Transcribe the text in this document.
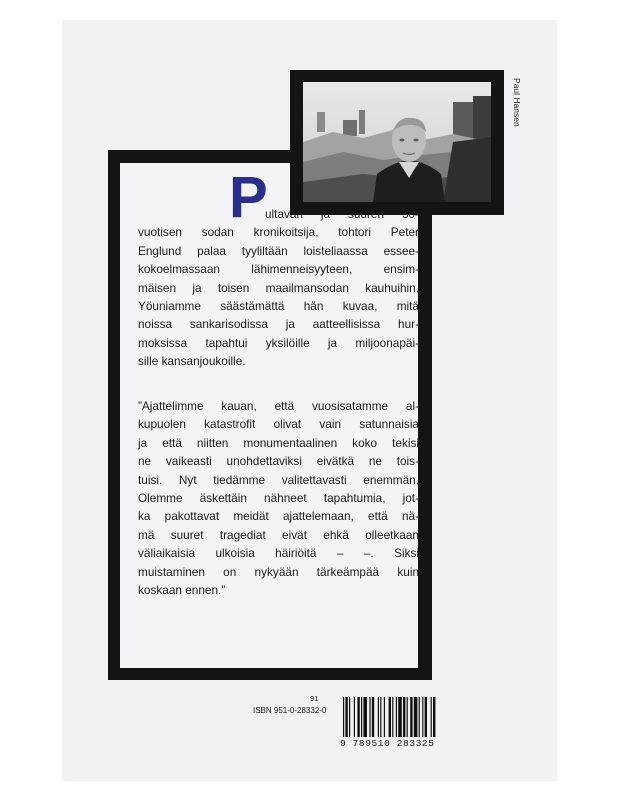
Paul Hansen
P
ultavan ja suuren 30-
vuotisen sodan kronikoitsija, tohtori Peter
Englund palaa tyyliltään loisteliaassa essee-
kokoelmassaan lähimenneisyyteen, ensim-
mäisen ja toisen maailmansodan kauhuihin.
Yöuniamme säästämättä hän kuvaa, mitä
noissa sankarisodissa ja aatteellisissa hur-
moksissa tapahtui yksilöille ja miljoonapäi-
sille kansanjoukoille.
”Ajattelimme kauan, että vuosisatamme al-
kupuolen katastrofit olivat vain satunnaisia
ja että niitten monumentaalinen koko tekisi
ne vaikeasti unohdettaviksi eivätkä ne tois-
tuisi. Nyt tiedämme valitettavasti enemmän.
Olemme äskettäin nähneet tapahtumia, jot-
ka pakottavat meidät ajattelemaan, että nä-
mä suuret tragediat eivät ehkä olleetkaan
väliaikaisia ulkoisia häiriöitä – –. Siksi
muistaminen on nykyään tärkeämpää kuin
koskaan ennen.”
91
ISBN 951-0-28332-0
9 789510 283325
